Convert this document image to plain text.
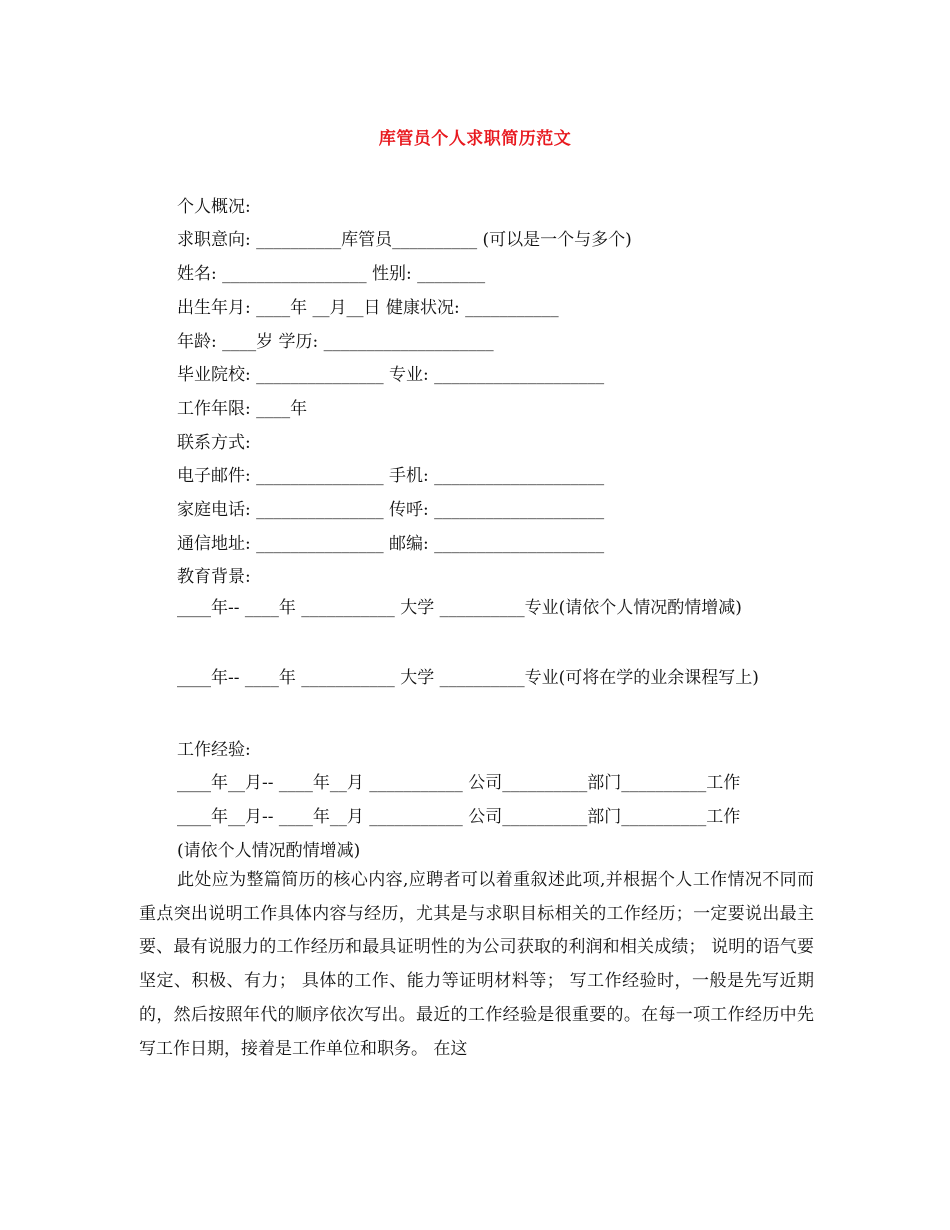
库管员个人求职简历范文
个人概况:
求职意向: __________库管员__________ (可以是一个与多个)
姓名: _________________ 性别: ________
出生年月: ____年 __月__日 健康状况: ___________
年龄: ____岁 学历: ____________________
毕业院校: _______________ 专业: ____________________
工作年限: ____年
联系方式:
电子邮件: _______________ 手机: ____________________
家庭电话: _______________ 传呼: ____________________
通信地址: _______________ 邮编: ____________________
教育背景:

____年-- ____年 ___________ 大学 __________专业(请依个人情况酌情增减)

____年-- ____年 ___________ 大学 __________专业(可将在学的业余课程写上)

工作经验:
____年__月-- ____年__月 ___________ 公司__________部门__________工作
____年__月-- ____年__月 ___________ 公司__________部门__________工作
(请依个人情况酌情增减)

此处应为整篇简历的核心内容,应聘者可以着重叙述此项,并根据个人工作情况不同而重点突出说明工作具体内容与经历，尤其是与求职目标相关的工作经历；一定要说出最主要、最有说服力的工作经历和最具证明性的为公司获取的利润和相关成绩； 说明的语气要坚定、积极、有力； 具体的工作、能力等证明材料等； 写工作经验时，一般是先写近期的，然后按照年代的顺序依次写出。最近的工作经验是很重要的。在每一项工作经历中先写工作日期，接着是工作单位和职务。 在这
